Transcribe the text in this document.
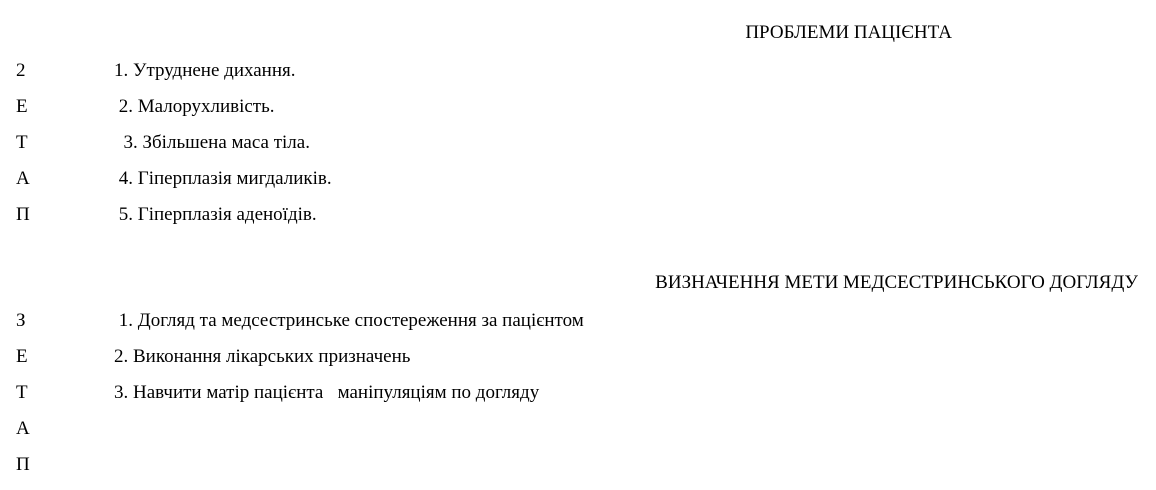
ПРОБЛЕМИ ПАЦІЄНТА
2	1. Утруднене дихання.
Е	2. Малорухливість.
Т	3. Збільшена маса тіла.
А	4. Гіперплазія мигдаликів.
П	5. Гіперплазія аденоїдів.
ВИЗНАЧЕННЯ МЕТИ МЕДСЕСТРИНСЬКОГО ДОГЛЯДУ
З	1. Догляд та медсестринське спостереження за пацієнтом
Е	2. Виконання лікарських призначень
Т	3. Навчити матір пацієнта   маніпуляціям по догляду
А
П
